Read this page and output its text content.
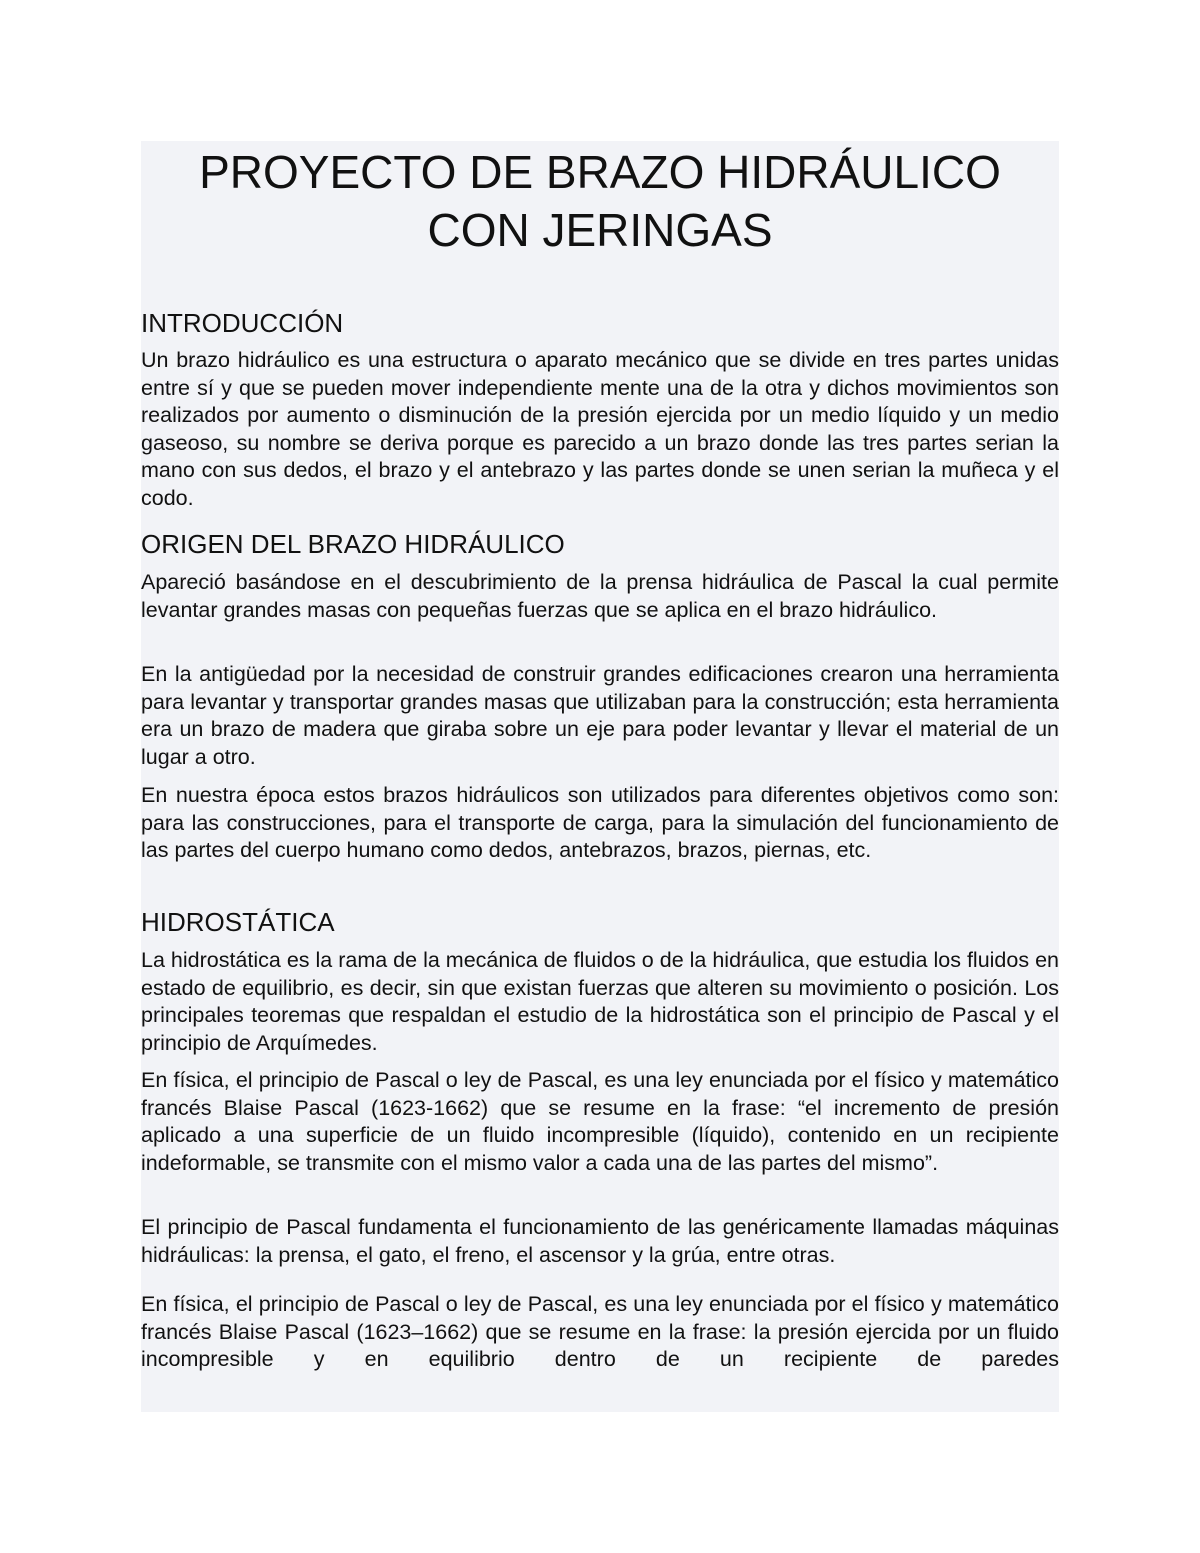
PROYECTO DE BRAZO HIDRÁULICO
CON JERINGAS
INTRODUCCIÓN

Un brazo hidráulico es una estructura o aparato mecánico que se divide en tres partes unidas entre sí y que se pueden mover independiente mente una de la otra y dichos movimientos son realizados por aumento o disminución de la presión ejercida por un medio líquido y un medio gaseoso, su nombre se deriva porque es parecido a un brazo donde las tres partes serian la mano con sus dedos, el brazo y el antebrazo y las partes donde se unen serian la muñeca y el codo.

ORIGEN DEL BRAZO HIDRÁULICO

Apareció basándose en el descubrimiento de la prensa hidráulica de Pascal la cual permite levantar grandes masas con pequeñas fuerzas que se aplica en el brazo hidráulico.

En la antigüedad por la necesidad de construir grandes edificaciones crearon una herramienta para levantar y transportar grandes masas que utilizaban para la construcción; esta herramienta era un brazo de madera que giraba sobre un eje para poder levantar y llevar el material de un lugar a otro.

En nuestra época estos brazos hidráulicos son utilizados para diferentes objetivos como son: para las construcciones, para el transporte de carga, para la simulación del funcionamiento de las partes del cuerpo humano como dedos, antebrazos, brazos, piernas, etc.

HIDROSTÁTICA

La hidrostática es la rama de la mecánica de fluidos o de la hidráulica, que estudia los fluidos en estado de equilibrio, es decir, sin que existan fuerzas que alteren su movimiento o posición. Los principales teoremas que respaldan el estudio de la hidrostática son el principio de Pascal y el principio de Arquímedes.

En física, el principio de Pascal o ley de Pascal, es una ley enunciada por el físico y matemático francés Blaise Pascal (1623-1662) que se resume en la frase: “el incremento de presión aplicado a una superficie de un fluido incompresible (líquido), contenido en un recipiente indeformable, se transmite con el mismo valor a cada una de las partes del mismo”.

El principio de Pascal fundamenta el funcionamiento de las genéricamente llamadas máquinas hidráulicas: la prensa, el gato, el freno, el ascensor y la grúa, entre otras.

En física, el principio de Pascal o ley de Pascal, es una ley enunciada por el físico y matemático francés Blaise Pascal (1623–1662) que se resume en la frase: la presión ejercida por un fluido incompresible y en equilibrio dentro de un recipiente de paredes
